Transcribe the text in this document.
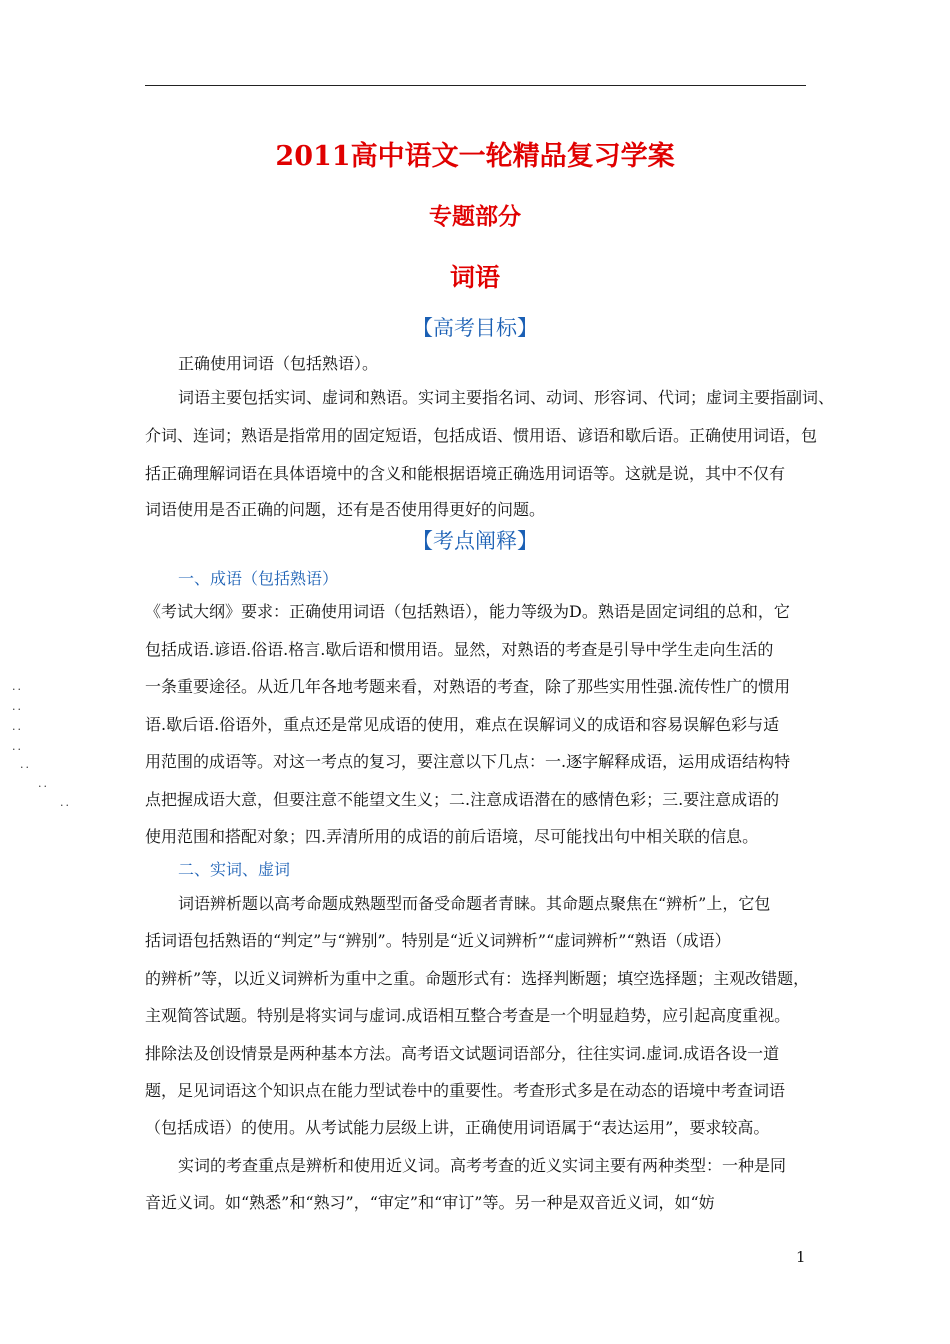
2011高中语文一轮精品复习学案
专题部分
词语
【高考目标】
正确使用词语（包括熟语）。
词语主要包括实词、虚词和熟语。实词主要指名词、动词、形容词、代词；虚词主要指副词、
介词、连词；熟语是指常用的固定短语，包括成语、惯用语、谚语和歇后语。正确使用词语，包
括正确理解词语在具体语境中的含义和能根据语境正确选用词语等。这就是说，其中不仅有
词语使用是否正确的问题，还有是否使用得更好的问题。
【考点阐释】
一、成语（包括熟语）
《考试大纲》要求：正确使用词语（包括熟语），能力等级为D。熟语是固定词组的总和，它
包括成语.谚语.俗语.格言.歇后语和惯用语。显然，对熟语的考查是引导中学生走向生活的
一条重要途径。从近几年各地考题来看，对熟语的考查，除了那些实用性强.流传性广的惯用
语.歇后语.俗语外，重点还是常见成语的使用，难点在误解词义的成语和容易误解色彩与适
用范围的成语等。对这一考点的复习，要注意以下几点：一.逐字解释成语，运用成语结构特
点把握成语大意，但要注意不能望文生义；二.注意成语潜在的感情色彩；三.要注意成语的
使用范围和搭配对象；四.弄清所用的成语的前后语境，尽可能找出句中相关联的信息。
二、实词、虚词
词语辨析题以高考命题成熟题型而备受命题者青睐。其命题点聚焦在“辨析”上，它包
括词语包括熟语的“判定”与“辨别”。特别是“近义词辨析”“虚词辨析”“熟语（成语）
的辨析”等，以近义词辨析为重中之重。命题形式有：选择判断题；填空选择题；主观改错题，
主观简答试题。特别是将实词与虚词.成语相互整合考查是一个明显趋势，应引起高度重视。
排除法及创设情景是两种基本方法。高考语文试题词语部分，往往实词.虚词.成语各设一道
题，足见词语这个知识点在能力型试卷中的重要性。考查形式多是在动态的语境中考查词语
（包括成语）的使用。从考试能力层级上讲，正确使用词语属于“表达运用”，要求较高。
实词的考查重点是辨析和使用近义词。高考考查的近义实词主要有两种类型：一种是同
音近义词。如“熟悉”和“熟习”，“审定”和“审订”等。另一种是双音近义词，如“妨
..
..
..
..
..
..
..
1
